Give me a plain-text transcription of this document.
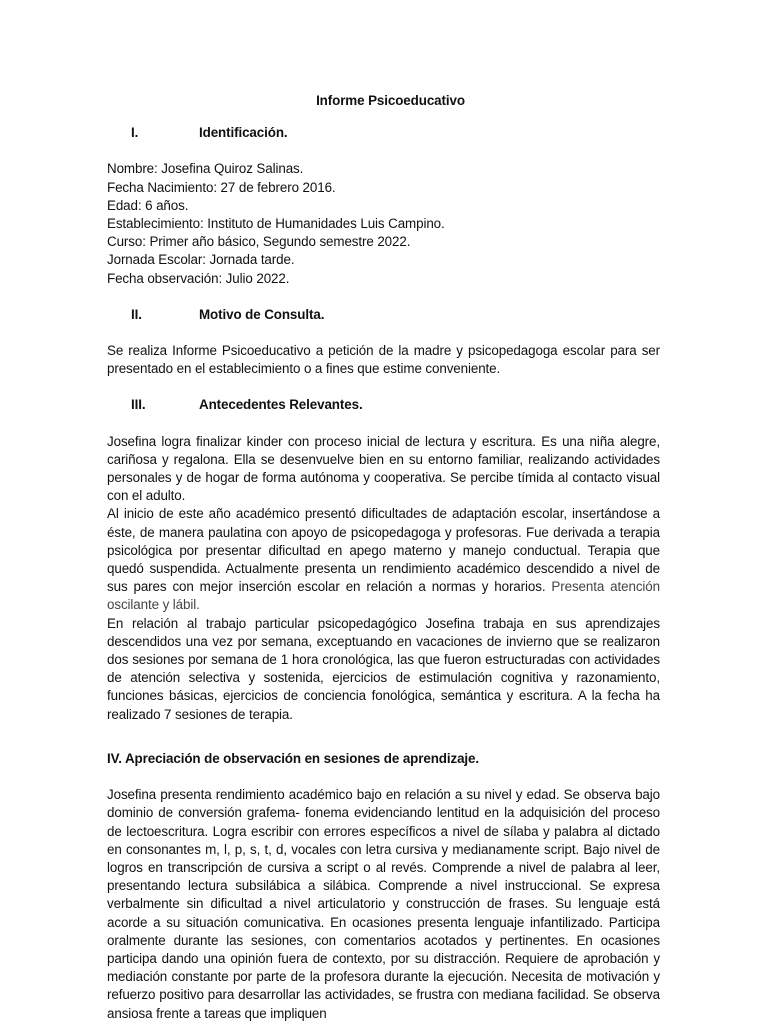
Informe Psicoeducativo

I.	Identificación.

Nombre: Josefina Quiroz Salinas.

Fecha Nacimiento: 27 de febrero 2016.

Edad: 6 años.

Establecimiento: Instituto de Humanidades Luis Campino.

Curso: Primer año básico, Segundo semestre 2022.

Jornada Escolar: Jornada tarde.

Fecha observación: Julio 2022.

II.	Motivo de Consulta.

Se realiza Informe Psicoeducativo a petición de la madre y psicopedagoga escolar para ser presentado en el establecimiento o a fines que estime conveniente.

III.	Antecedentes Relevantes.

Josefina logra finalizar kinder con proceso inicial de lectura y escritura. Es una niña alegre, cariñosa y regalona. Ella se desenvuelve bien en su entorno familiar, realizando actividades personales y de hogar de forma autónoma y cooperativa. Se percibe tímida al contacto visual con el adulto.

Al inicio de este año académico presentó dificultades de adaptación escolar, insertándose a éste, de manera paulatina con apoyo de psicopedagoga y profesoras. Fue derivada a terapia psicológica por presentar dificultad en apego materno y manejo conductual. Terapia que quedó suspendida. Actualmente presenta un rendimiento académico descendido a nivel de sus pares con mejor inserción escolar en relación a normas y horarios. Presenta atención oscilante y lábil.

En relación al trabajo particular psicopedagógico Josefina trabaja en sus aprendizajes descendidos una vez por semana, exceptuando en vacaciones de invierno que se realizaron dos sesiones por semana de 1 hora cronológica, las que fueron estructuradas con actividades de atención selectiva y sostenida, ejercicios de estimulación cognitiva y razonamiento, funciones básicas, ejercicios de conciencia fonológica, semántica y escritura. A la fecha ha realizado 7 sesiones de terapia.

IV. Apreciación de observación en sesiones de aprendizaje.

Josefina presenta rendimiento académico bajo en relación a su nivel y edad. Se observa bajo dominio de conversión grafema- fonema evidenciando lentitud en la adquisición del proceso de lectoescritura. Logra escribir con errores específicos a nivel de sílaba y palabra al dictado en consonantes m, l, p, s, t, d, vocales con letra cursiva y medianamente script. Bajo nivel de logros en transcripción de cursiva a script o al revés. Comprende a nivel de palabra al leer, presentando lectura subsilábica a silábica. Comprende a nivel instruccional. Se expresa verbalmente sin dificultad a nivel articulatorio y construcción de frases. Su lenguaje está acorde a su situación comunicativa. En ocasiones presenta lenguaje infantilizado. Participa oralmente durante las sesiones, con comentarios acotados y pertinentes. En ocasiones participa dando una opinión fuera de contexto, por su distracción. Requiere de aprobación y mediación constante por parte de la profesora durante la ejecución. Necesita de motivación y refuerzo positivo para desarrollar las actividades, se frustra con mediana facilidad. Se observa ansiosa frente a tareas que impliquen
